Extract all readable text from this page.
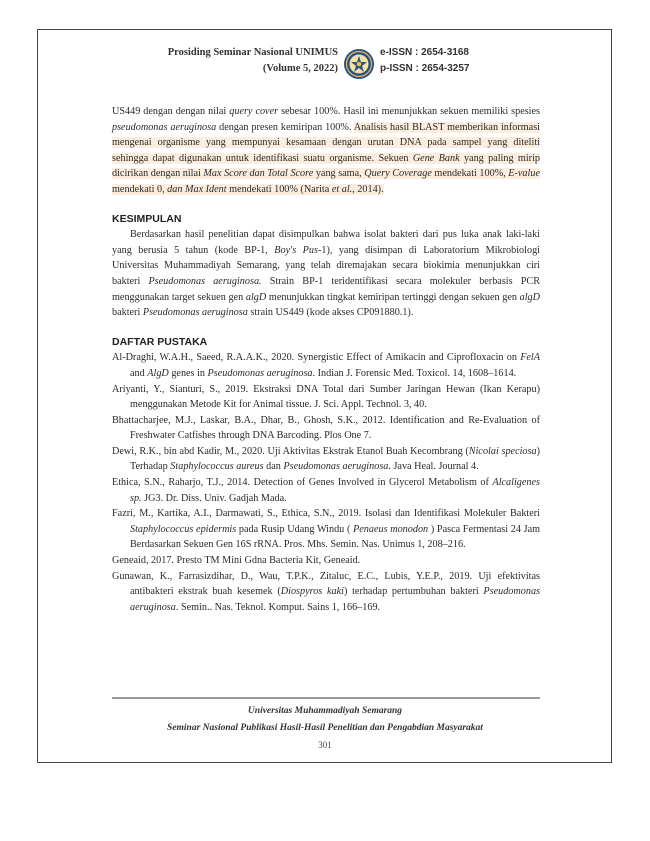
Prosiding Seminar Nasional UNIMUS
(Volume 5, 2022)
e-ISSN : 2654-3168
p-ISSN : 2654-3257

US449 dengan dengan nilai query cover sebesar 100%. Hasil ini menunjukkan sekuen memiliki spesies pseudomonas aeruginosa dengan presen kemiripan 100%. Analisis hasil BLAST memberikan informasi mengenai organisme yang mempunyai kesamaan dengan urutan DNA pada sampel yang diteliti sehingga dapat digunakan untuk identifikasi suatu organisme. Sekuen Gene Bank yang paling mirip dicirikan dengan nilai Max Score dan Total Score yang sama, Query Coverage mendekati 100%, E-value mendekati 0, dan Max Ident mendekati 100% (Narita et al., 2014).

KESIMPULAN

Berdasarkan hasil penelitian dapat disimpulkan bahwa isolat bakteri dari pus luka anak laki-laki yang berusia 5 tahun (kode BP-1, Boy's Pus-1), yang disimpan di Laboratorium Mikrobiologi Universitas Muhammadiyah Semarang, yang telah diremajakan secara biokimia menunjukkan ciri bakteri Pseudomonas aeruginosa. Strain BP-1 teridentifikasi secara molekuler berbasis PCR menggunakan target sekuen gen algD menunjukkan tingkat kemiripan tertinggi dengan sekuen gen algD bakteri Pseudomonas aeruginosa strain US449 (kode akses CP091880.1).

DAFTAR PUSTAKA

Al-Draghi, W.A.H., Saeed, R.A.A.K., 2020. Synergistic Effect of Amikacin and Ciprofloxacin on FelA and AlgD genes in Pseudomonas aeruginosa. Indian J. Forensic Med. Toxicol. 14, 1608–1614.

Ariyanti, Y., Sianturi, S., 2019. Ekstraksi DNA Total dari Sumber Jaringan Hewan (Ikan Kerapu) menggunakan Metode Kit for Animal tissue. J. Sci. Appl. Technol. 3, 40.

Bhattacharjee, M.J., Laskar, B.A., Dhar, B., Ghosh, S.K., 2012. Identification and Re-Evaluation of Freshwater Catfishes through DNA Barcoding. Plos One 7.

Dewi, R.K., bin abd Kadir, M., 2020. Uji Aktivitas Ekstrak Etanol Buah Kecombrang (Nicolai speciosa) Terhadap Staphylococcus aureus dan Pseudomonas aeruginosa. Java Heal. Journal 4.

Ethica, S.N., Raharjo, T.J., 2014. Detection of Genes Involved in Glycerol Metabolism of Alcaligenes sp. JG3. Dr. Diss. Univ. Gadjah Mada.

Fazri, M., Kartika, A.I., Darmawati, S., Ethica, S.N., 2019. Isolasi dan Identifikasi Molekuler Bakteri Staphylococcus epidermis pada Rusip Udang Windu ( Penaeus monodon ) Pasca Fermentasi 24 Jam Berdasarkan Sekuen Gen 16S rRNA. Pros. Mhs. Semin. Nas. Unimus 1, 208–216.

Geneaid, 2017. Presto TM Mini Gdna Bacteria Kit, Geneaid.

Gunawan, K., Farrasizdihar, D., Wau, T.P.K., Zitaluc, E.C., Lubis, Y.E.P., 2019. Uji efektivitas antibakteri ekstrak buah kesemek (Diospyros kaki) terhadap pertumbuhan bakteri Pseudomonas aeruginosa. Semin.. Nas. Teknol. Komput. Sains 1, 166–169.

Universitas Muhammadiyah Semarang
Seminar Nasional Publikasi Hasil-Hasil Penelitian dan Pengabdian Masyarakat
301
